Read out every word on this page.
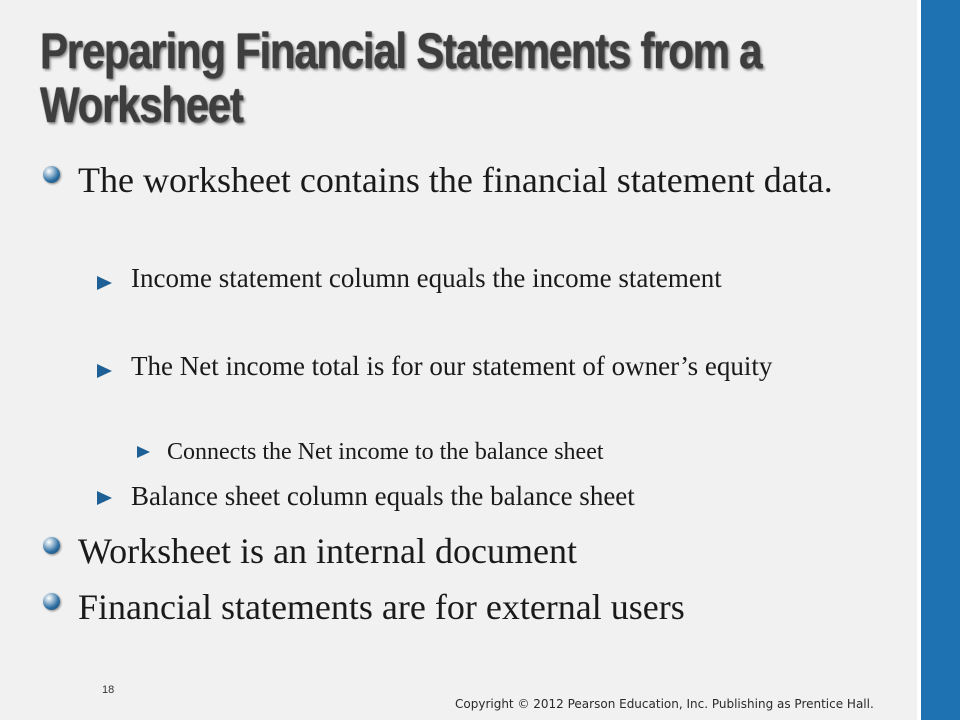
Preparing Financial Statements from a Worksheet

The worksheet contains the financial statement data.

Income statement column equals the income statement

The Net income total is for our statement of owner’s equity

Connects the Net income to the balance sheet

Balance sheet column equals the balance sheet

Worksheet is an internal document

Financial statements are for external users

18
Copyright © 2012 Pearson Education, Inc. Publishing as Prentice Hall.
